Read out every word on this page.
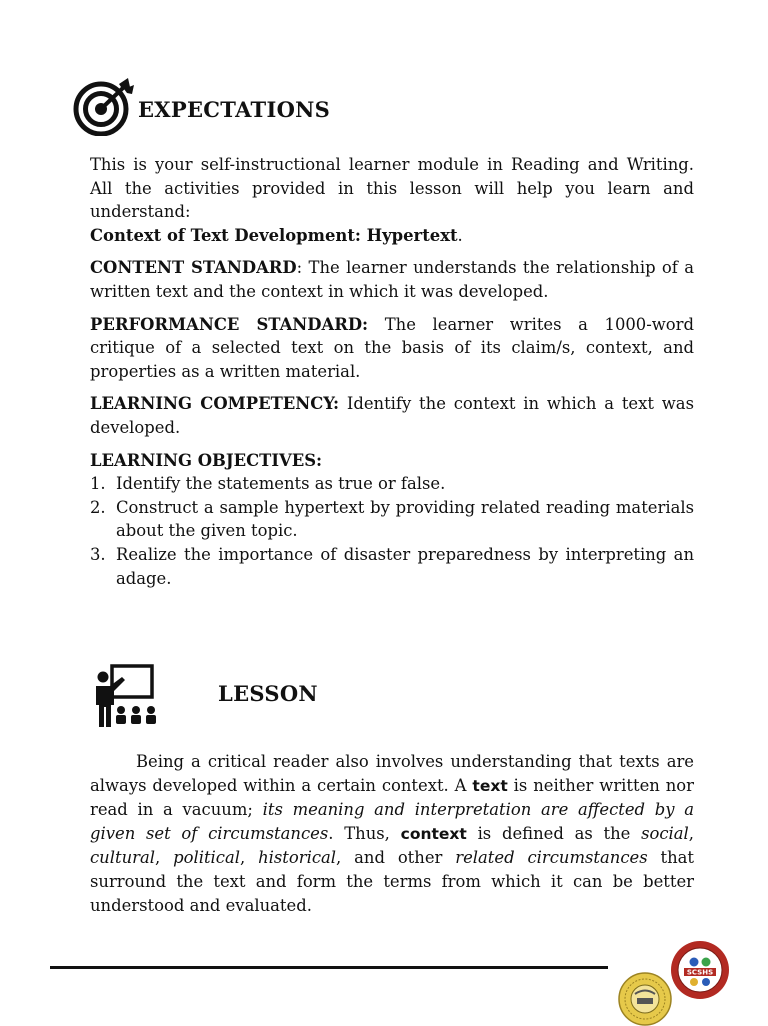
EXPECTATIONS

This is your self-instructional learner module in Reading and Writing. All the activities provided in this lesson will help you learn and understand:
Context of Text Development: Hypertext.

CONTENT STANDARD: The learner understands the relationship of a written text and the context in which it was developed.

PERFORMANCE STANDARD: The learner writes a 1000-word critique of a selected text on the basis of its claim/s, context, and properties as a written material.

LEARNING COMPETENCY: Identify the context in which a text was developed.

LEARNING OBJECTIVES:

1. Identify the statements as true or false.
2. Construct a sample hypertext by providing related reading materials about the given topic.
3. Realize the importance of disaster preparedness by interpreting an adage.
LESSON

Being a critical reader also involves understanding that texts are always developed within a certain context. A text is neither written nor read in a vacuum; its meaning and interpretation are affected by a given set of circumstances. Thus, context is defined as the social, cultural, political, historical, and other related circumstances that surround the text and form the terms from which it can be better understood and evaluated.

SCSHS
